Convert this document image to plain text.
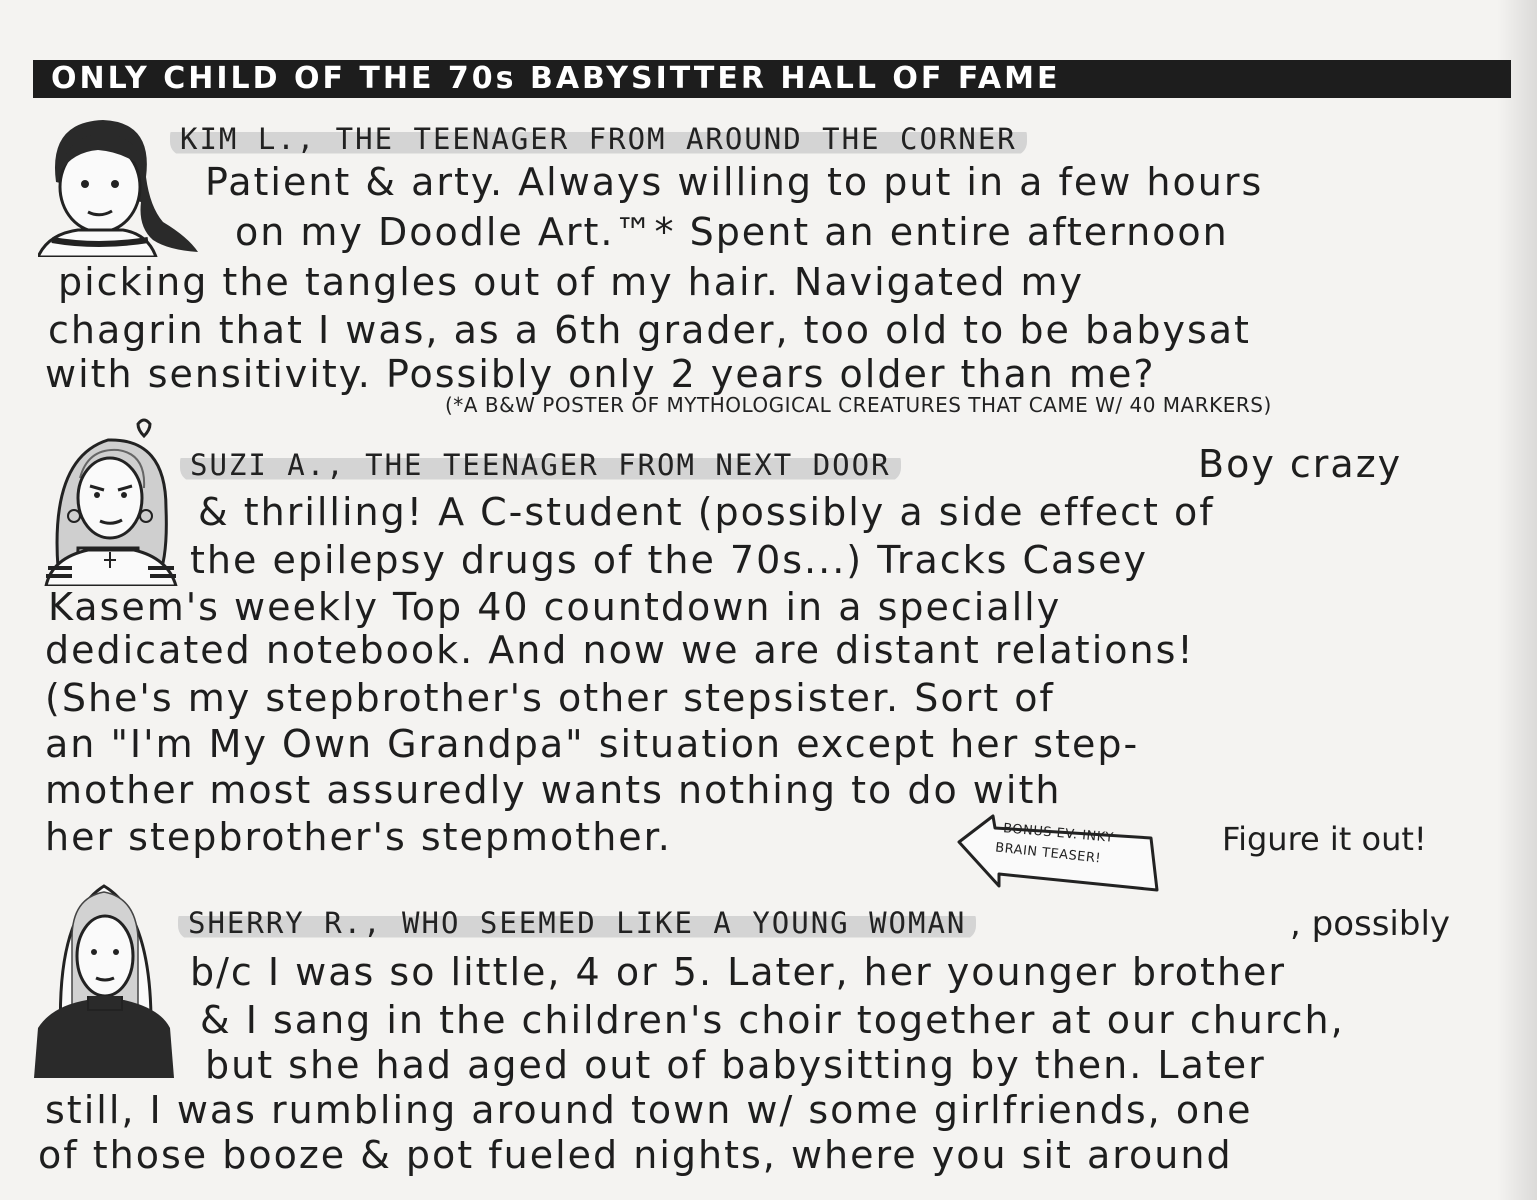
ONLY CHILD OF THE 70s BABYSITTER HALL OF FAME
KIM L., THE TEENAGER FROM AROUND THE CORNER
Patient & arty. Always willing to put in a few hours
on my Doodle Art.™* Spent an entire afternoon
picking the tangles out of my hair. Navigated my
chagrin that I was, as a 6th grader, too old to be babysat
with sensitivity. Possibly only 2 years older than me?
(*A B&W POSTER OF MYTHOLOGICAL CREATURES THAT CAME W/ 40 MARKERS)
SUZI A., THE TEENAGER FROM NEXT DOOR	Boy crazy
& thrilling! A C-student (possibly a side effect of
the epilepsy drugs of the 70s...) Tracks Casey
Kasem's weekly Top 40 countdown in a specially
dedicated notebook. And now we are distant relations!
(She's my stepbrother's other stepsister. Sort of
an "I'm My Own Grandpa" situation except her step-
mother most assuredly wants nothing to do with
her stepbrother's stepmother.	Figure it out!
BONUS EV. INKY
BRAIN TEASER!
SHERRY R., WHO SEEMED LIKE A YOUNG WOMAN	, possibly
b/c I was so little, 4 or 5. Later, her younger brother
& I sang in the children's choir together at our church,
but she had aged out of babysitting by then. Later
still, I was rumbling around town w/ some girlfriends, one
of those booze & pot fueled nights, where you sit around
